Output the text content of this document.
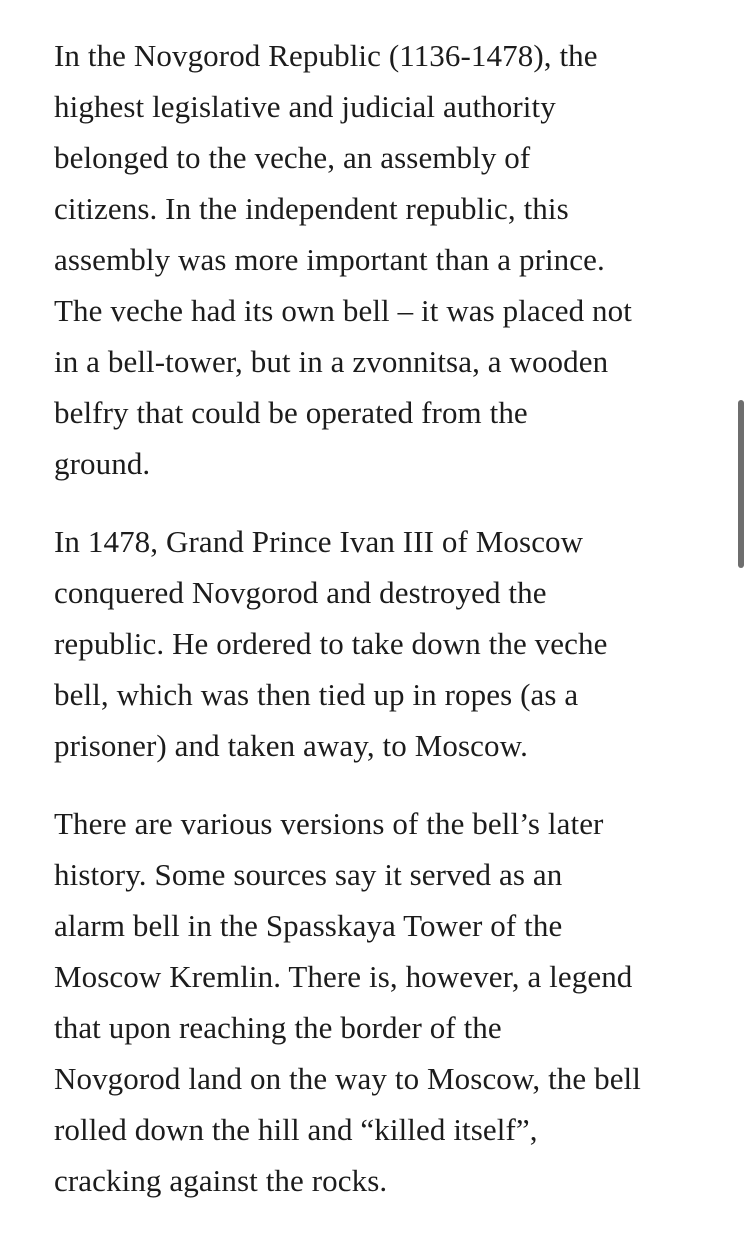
In the Novgorod Republic (1136-1478), the
highest legislative and judicial authority
belonged to the veche, an assembly of
citizens. In the independent republic, this
assembly was more important than a prince.
The veche had its own bell – it was placed not
in a bell-tower, but in a zvonnitsa, a wooden
belfry that could be operated from the
ground.

In 1478, Grand Prince Ivan III of Moscow
conquered Novgorod and destroyed the
republic. He ordered to take down the veche
bell, which was then tied up in ropes (as a
prisoner) and taken away, to Moscow.

There are various versions of the bell’s later
history. Some sources say it served as an
alarm bell in the Spasskaya Tower of the
Moscow Kremlin. There is, however, a legend
that upon reaching the border of the
Novgorod land on the way to Moscow, the bell
rolled down the hill and “killed itself”,
cracking against the rocks.
